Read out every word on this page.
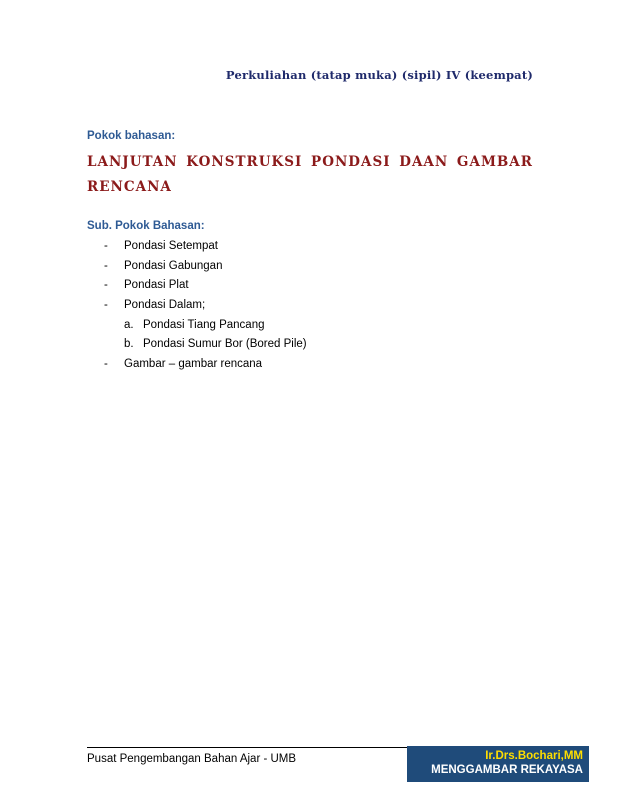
Perkuliahan (tatap muka) (sipil) IV (keempat)
Pokok bahasan:
LANJUTAN KONSTRUKSI PONDASI DAAN GAMBAR
RENCANA
Sub. Pokok Bahasan:
- Pondasi Setempat
- Pondasi Gabungan
- Pondasi Plat
- Pondasi Dalam;
a. Pondasi Tiang Pancang
b. Pondasi Sumur Bor (Bored Pile)
- Gambar – gambar rencana
Pusat Pengembangan Bahan Ajar - UMB	Ir.Drs.Bochari,MM
MENGGAMBAR REKAYASA
